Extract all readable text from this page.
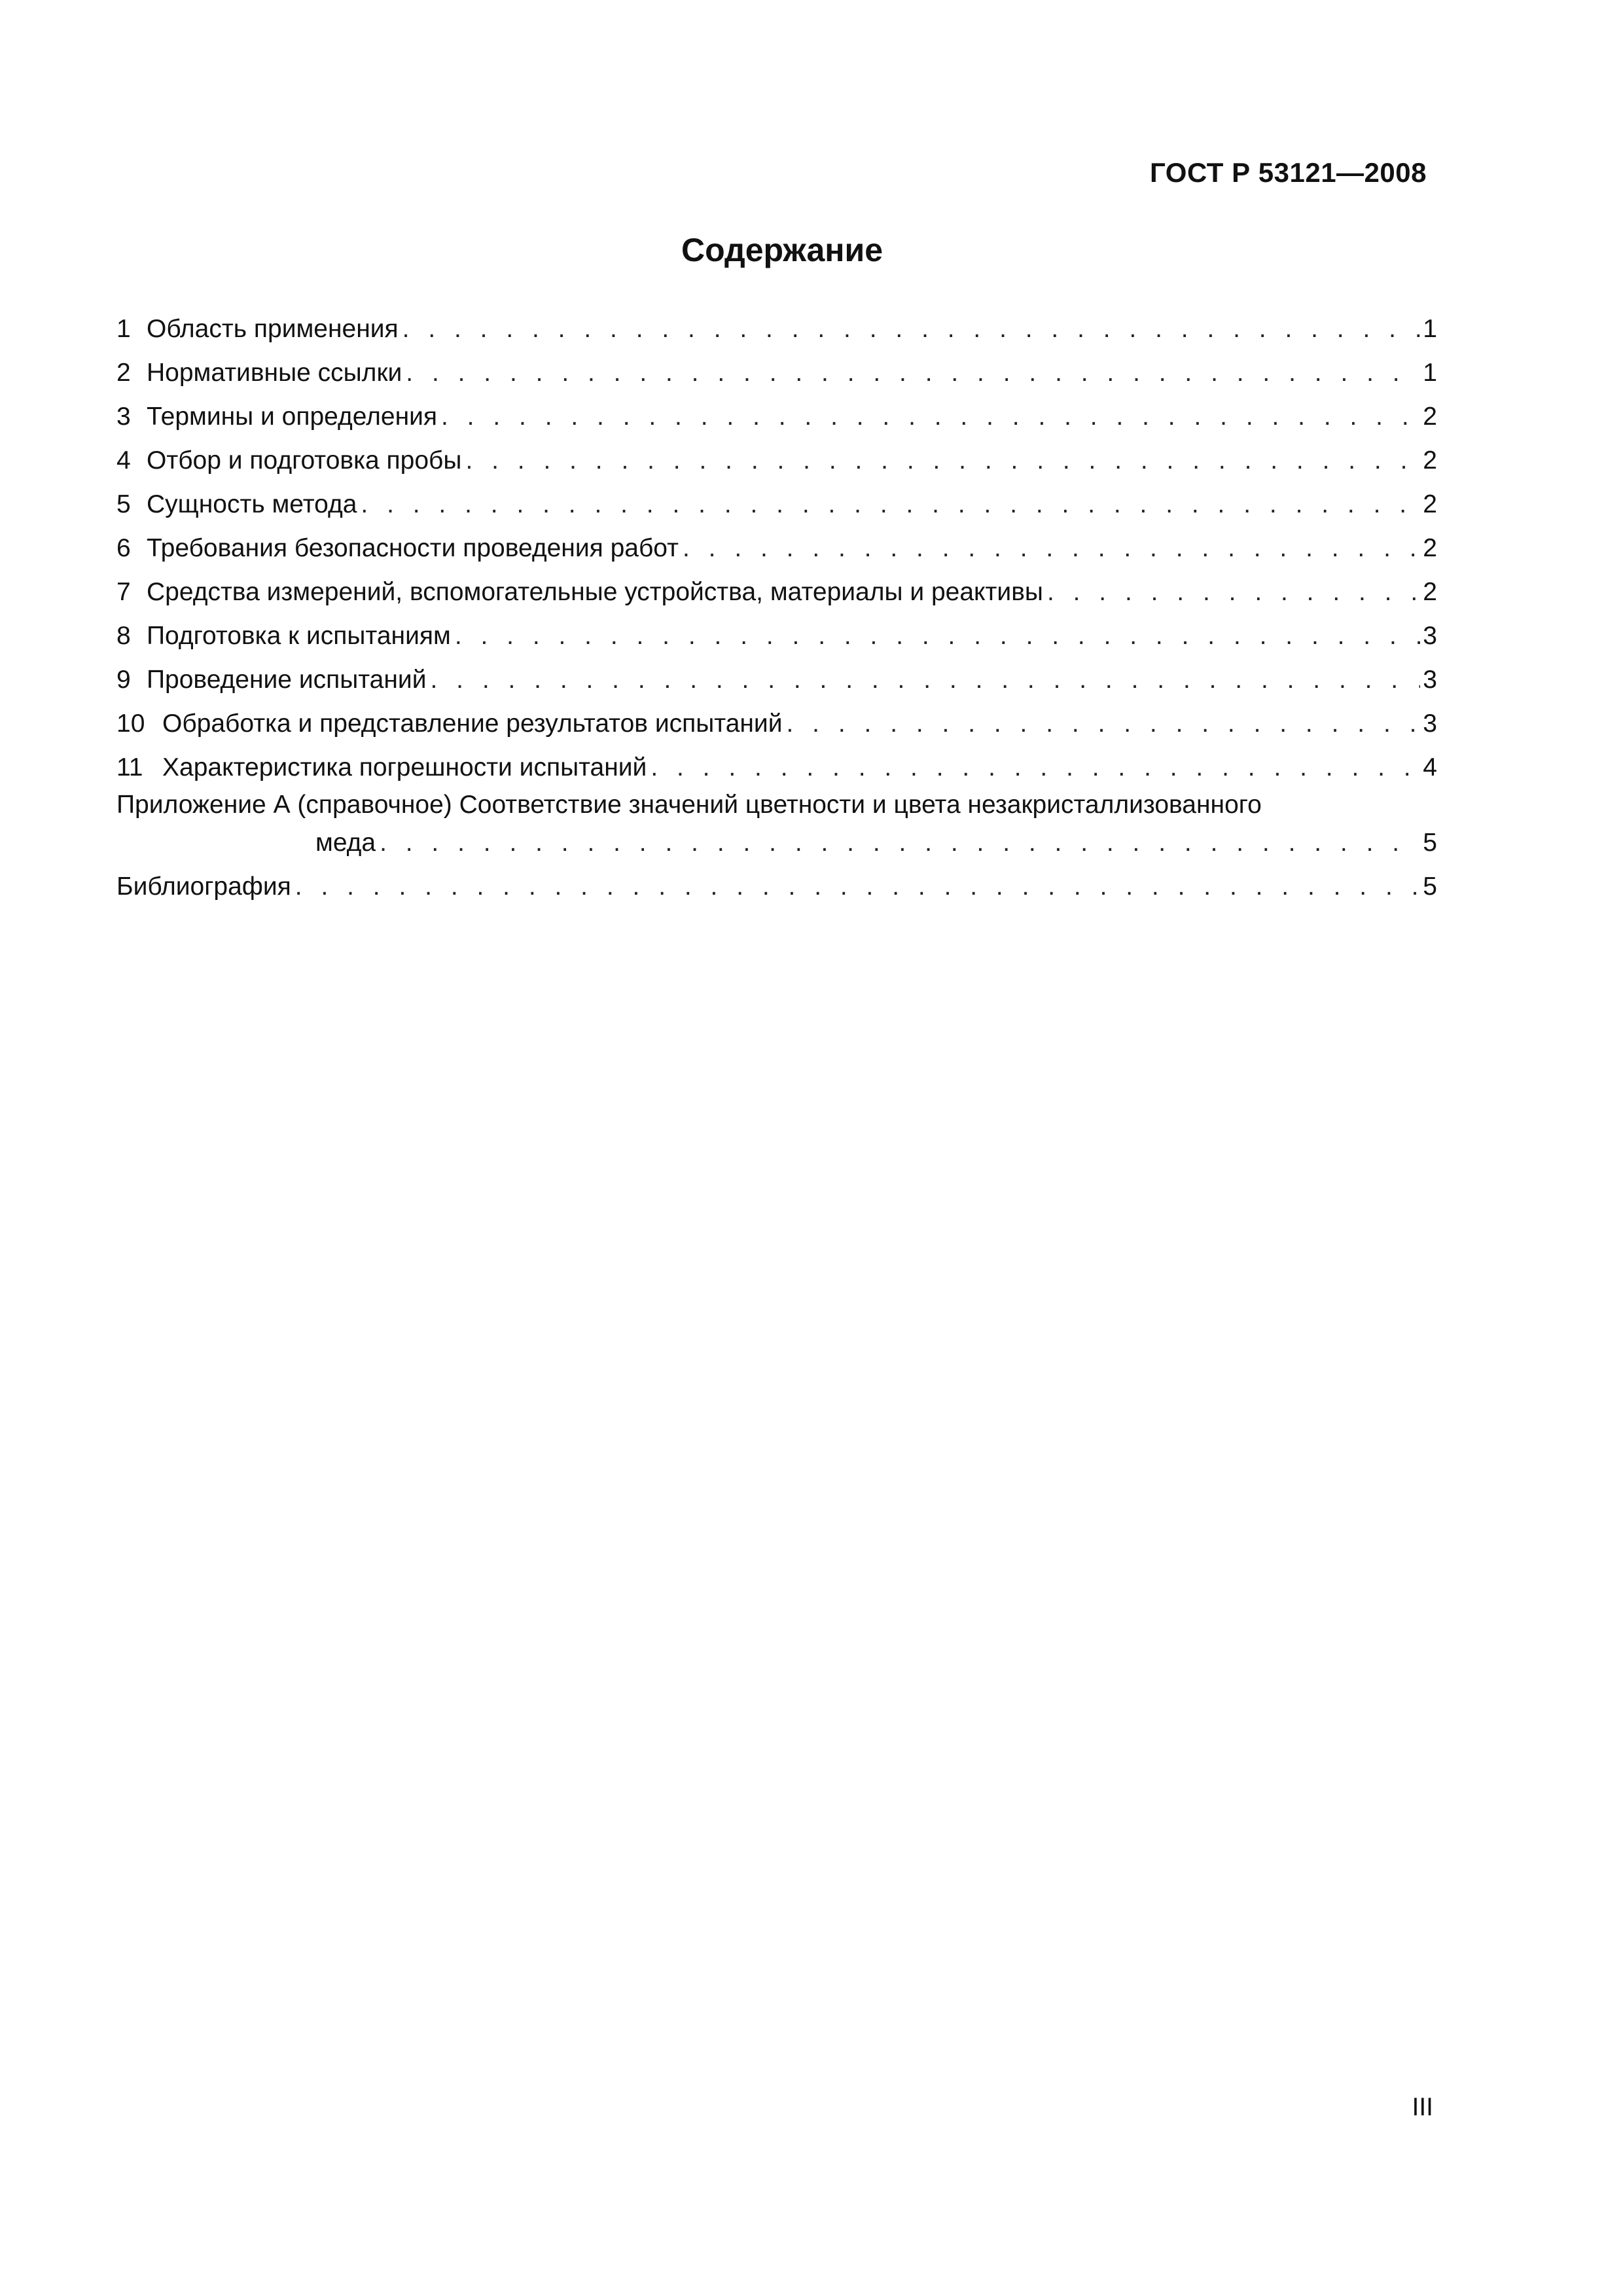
ГОСТ Р 53121—2008
Содержание
1 Область применения . . .	1
2 Нормативные ссылки . . .	1
3 Термины и определения . . .	2
4 Отбор и подготовка пробы . . .	2
5 Сущность метода . . .	2
6 Требования безопасности проведения работ . . .	2
7 Средства измерений, вспомогательные устройства, материалы и реактивы . . .	2
8 Подготовка к испытаниям . . .	3
9 Проведение испытаний . . .	3
10 Обработка и представление результатов испытаний . . .	3
11 Характеристика погрешности испытаний . . .	4
Приложение А (справочное) Соответствие значений цветности и цвета незакристаллизованного
меда . . .	5
Библиография . . .	5
III
